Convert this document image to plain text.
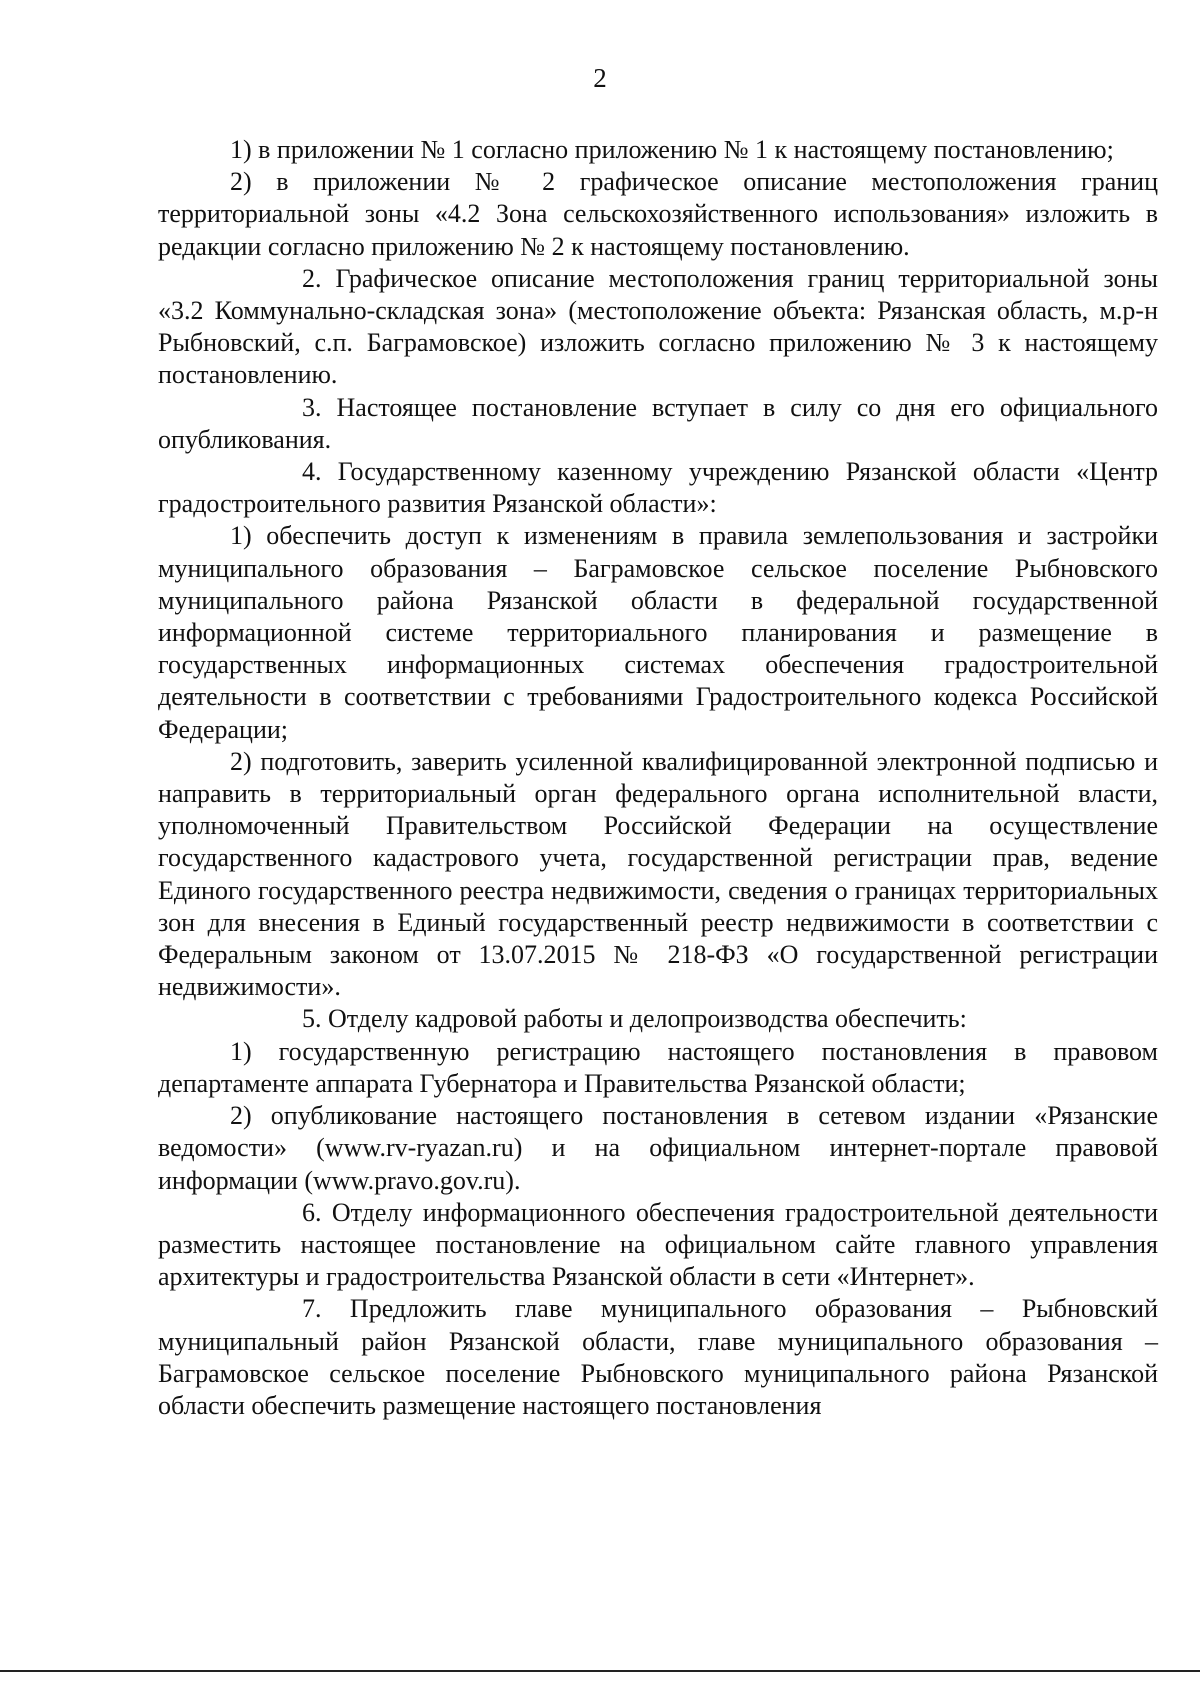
2

1) в приложении № 1 согласно приложению № 1 к настоящему постановлению;

2) в приложении № 2 графическое описание местоположения границ территориальной зоны «4.2 Зона сельскохозяйственного использования» изложить в редакции согласно приложению № 2 к настоящему постановлению.

2. Графическое описание местоположения границ территориальной зоны «3.2 Коммунально-складская зона» (местоположение объекта: Рязанская область, м.р-н Рыбновский, с.п. Баграмовское) изложить согласно приложению № 3 к настоящему постановлению.

3. Настоящее постановление вступает в силу со дня его официального опубликования.

4. Государственному казенному учреждению Рязанской области «Центр градостроительного развития Рязанской области»:

1) обеспечить доступ к изменениям в правила землепользования и застройки муниципального образования – Баграмовское сельское поселение Рыбновского муниципального района Рязанской области в федеральной государственной информационной системе территориального планирования и размещение в государственных информационных системах обеспечения градостроительной деятельности в соответствии с требованиями Градостроительного кодекса Российской Федерации;

2) подготовить, заверить усиленной квалифицированной электронной подписью и направить в территориальный орган федерального органа исполнительной власти, уполномоченный Правительством Российской Федерации на осуществление государственного кадастрового учета, государственной регистрации прав, ведение Единого государственного реестра недвижимости, сведения о границах территориальных зон для внесения в Единый государственный реестр недвижимости в соответствии с Федеральным законом от 13.07.2015 № 218-ФЗ «О государственной регистрации недвижимости».

5. Отделу кадровой работы и делопроизводства обеспечить:

1) государственную регистрацию настоящего постановления в правовом департаменте аппарата Губернатора и Правительства Рязанской области;

2) опубликование настоящего постановления в сетевом издании «Рязанские ведомости» (www.rv-ryazan.ru) и на официальном интернет-портале правовой информации (www.pravo.gov.ru).

6. Отделу информационного обеспечения градостроительной деятельности разместить настоящее постановление на официальном сайте главного управления архитектуры и градостроительства Рязанской области в сети «Интернет».

7. Предложить главе муниципального образования – Рыбновский муниципальный район Рязанской области, главе муниципального образования – Баграмовское сельское поселение Рыбновского муниципального района Рязанской области обеспечить размещение настоящего постановления
